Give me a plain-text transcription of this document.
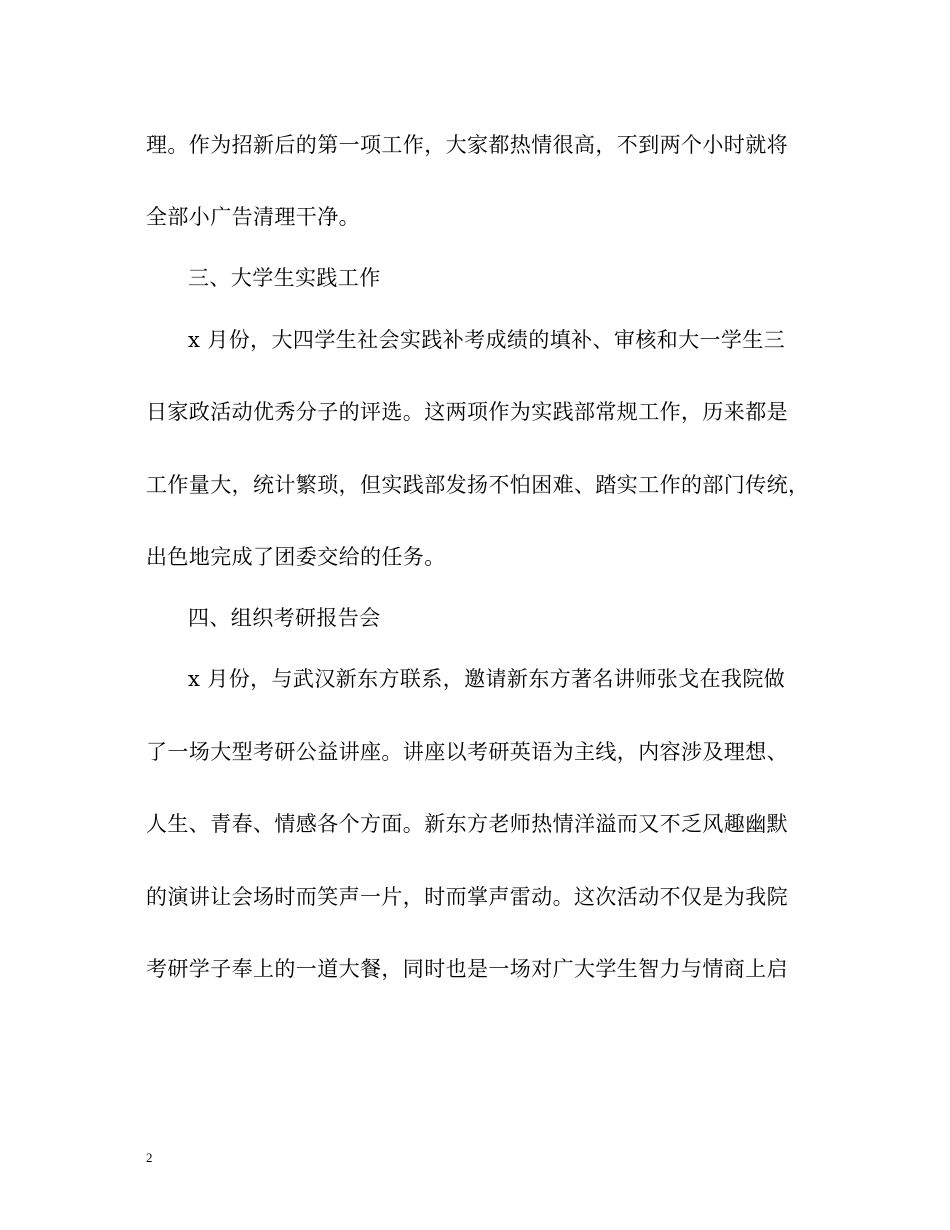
理。作为招新后的第一项工作，大家都热情很高，不到两个小时就将
全部小广告清理干净。
三、大学生实践工作
x 月份，大四学生社会实践补考成绩的填补、审核和大一学生三
日家政活动优秀分子的评选。这两项作为实践部常规工作，历来都是
工作量大，统计繁琐，但实践部发扬不怕困难、踏实工作的部门传统，
出色地完成了团委交给的任务。
四、组织考研报告会
x 月份，与武汉新东方联系，邀请新东方著名讲师张戈在我院做
了一场大型考研公益讲座。讲座以考研英语为主线，内容涉及理想、
人生、青春、情感各个方面。新东方老师热情洋溢而又不乏风趣幽默
的演讲让会场时而笑声一片，时而掌声雷动。这次活动不仅是为我院
考研学子奉上的一道大餐，同时也是一场对广大学生智力与情商上启
2
